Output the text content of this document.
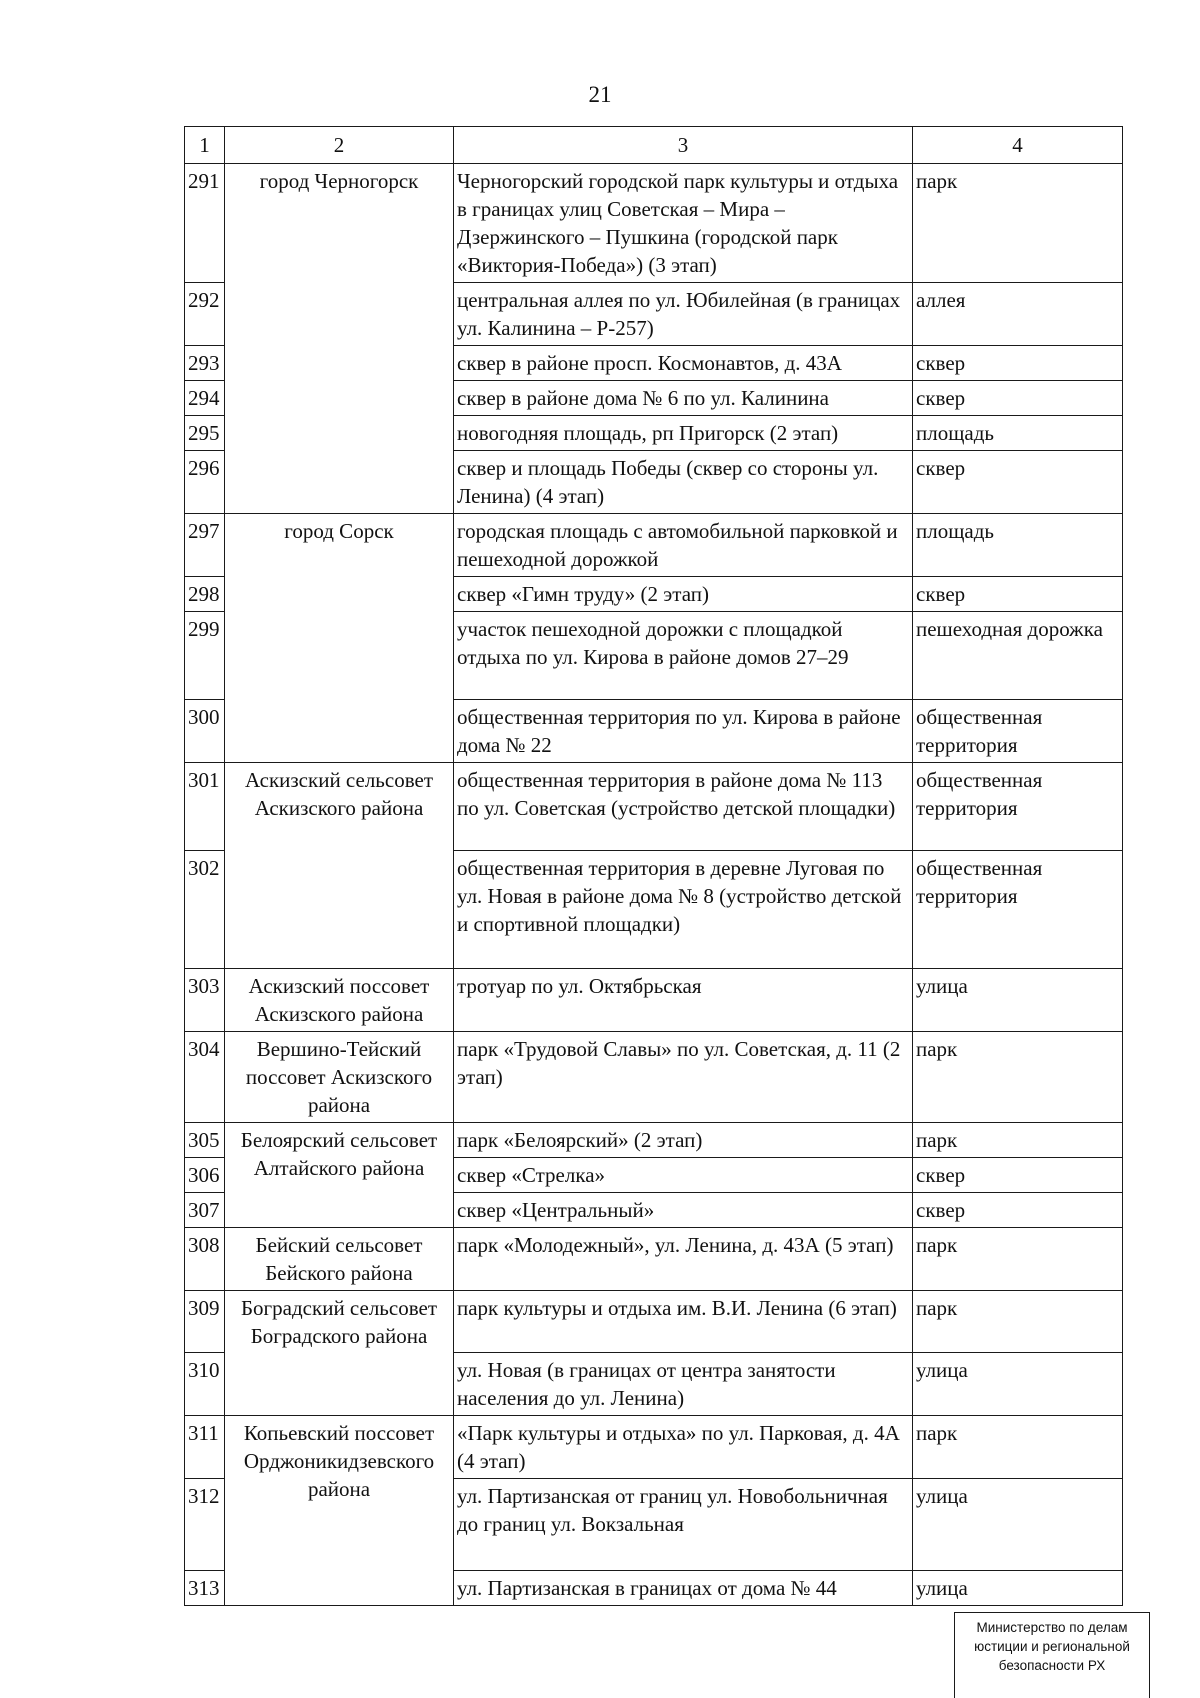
21
1	2	3	4
291	город Черногорск	Черногорский городской парк культуры и отдыха в границах улиц Советская – Мира – Дзержинского – Пушкина (городской парк «Виктория-Победа») (3 этап)	парк
292		центральная аллея по ул. Юбилейная (в границах ул. Калинина – Р-257)	аллея
293		сквер в районе просп. Космонавтов, д. 43А	сквер
294		сквер в районе дома № 6 по ул. Калинина	сквер
295		новогодняя площадь, рп Пригорск (2 этап)	площадь
296		сквер и площадь Победы (сквер со стороны ул. Ленина) (4 этап)	сквер
297	город Сорск	городская площадь с автомобильной парковкой и пешеходной дорожкой	площадь
298		сквер «Гимн труду» (2 этап)	сквер
299		участок пешеходной дорожки с площадкой отдыха по ул. Кирова в районе домов 27–29	пешеходная дорожка
300		общественная территория по ул. Кирова в районе дома № 22	общественная территория
301	Аскизский сельсовет Аскизского района	общественная территория в районе дома № 113 по ул. Советская (устройство детской площадки)	общественная территория
302		общественная территория в деревне Луговая по ул. Новая в районе дома № 8 (устройство детской и спортивной площадки)	общественная территория
303	Аскизский поссовет Аскизского района	тротуар по ул. Октябрьская	улица
304	Вершино-Тейский поссовет Аскизского района	парк «Трудовой Славы» по ул. Советская, д. 11 (2 этап)	парк
305	Белоярский сельсовет Алтайского района	парк «Белоярский» (2 этап)	парк
306		сквер «Стрелка»	сквер
307		сквер «Центральный»	сквер
308	Бейский сельсовет Бейского района	парк «Молодежный», ул. Ленина, д. 43А (5 этап)	парк
309	Боградский сельсовет Боградского района	парк культуры и отдыха им. В.И. Ленина (6 этап)	парк
310		ул. Новая (в границах от центра занятости населения до ул. Ленина)	улица
311	Копьевский поссовет Орджоникидзевского района	«Парк культуры и отдыха» по ул. Парковая, д. 4А (4 этап)	парк
312		ул. Партизанская от границ ул. Новобольничная до границ ул. Вокзальная	улица
313		ул. Партизанская в границах от дома № 44	улица
Министерство по делам
юстиции и региональной
безопасности РХ
